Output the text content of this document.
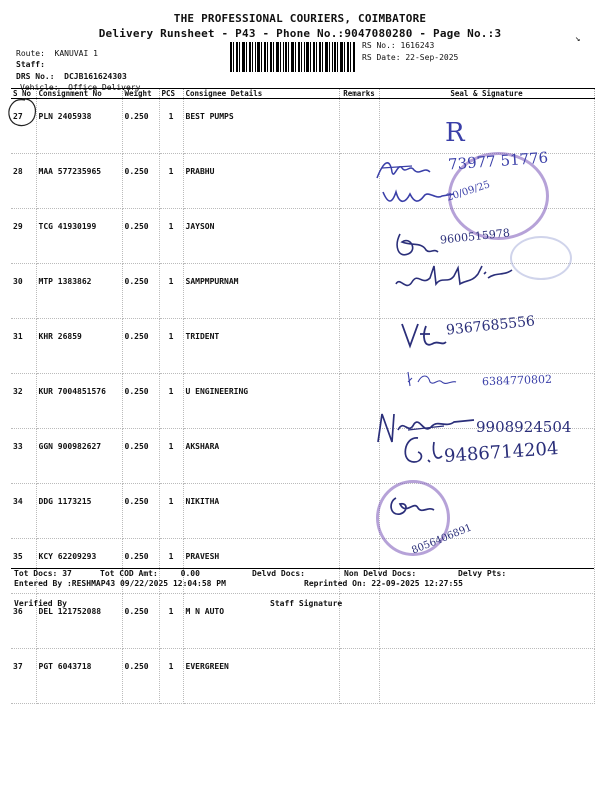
THE PROFESSIONAL COURIERS, COIMBATORE
Delivery Runsheet - P43 - Phone No.:9047080280 - Page No.:3
Route: KANUVAI 1
Staff:
DRS No.: DCJB161624303
Vehicle: Office Delivery
RS No.: 1616243
RS Date: 22-Sep-2025
↘
S No	Consignment No	Weight	PCS	Consignee Details	Remarks	Seal & Signature
27	PLN 2405938	0.250	1	BEST PUMPS		
28	MAA 577235965	0.250	1	PRABHU		
29	TCG 41930199	0.250	1	JAYSON		
30	MTP 1383862	0.250	1	SAMPMPURNAM		
31	KHR 26859	0.250	1	TRIDENT		
32	KUR 7004851576	0.250	1	U ENGINEERING		
33	GGN 900982627	0.250	1	AKSHARA		
34	DDG 1173215	0.250	1	NIKITHA		
35	KCY 62209293	0.250	1	PRAVESH		
36	DEL 121752088	0.250	1	M N AUTO		
37	PGT 6043718	0.250	1	EVERGREEN		
R
73977 51776
20/09/25
9600515978
9367685556
6384770802
9908924504
9486714204
8056406891
Tot Docs: 37	Tot COD Amt:	0.00	Delvd Docs:	Non Delvd Docs:	Delvy Pts:
Entered By :RESHMAP43 09/22/2025 12:04:58 PM	Reprinted On: 22-09-2025 12:27:55
Verified By	Staff Signature
